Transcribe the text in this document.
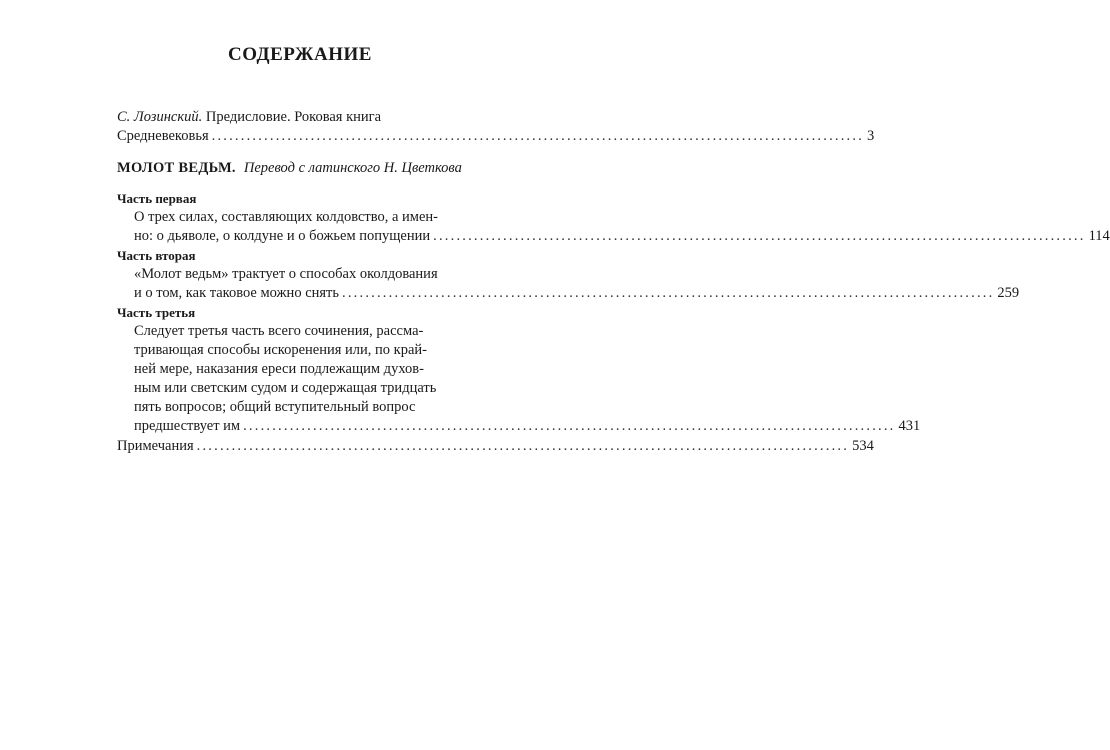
СОДЕРЖАНИЕ
С. Лозинский. Предисловие. Роковая книга
Средневековья ................................................................................................................ 3
МОЛОТ ВЕДЬМ. Перевод с латинского Н. Цветкова
Часть первая
О трех силах, составляющих колдовство, а имен-
но: о дьяволе, о колдуне и о божьем попущении ................................................................................................................ 114
Часть вторая
«Молот ведьм» трактует о способах околдования
и о том, как таковое можно снять ................................................................................................................ 259
Часть третья
Следует третья часть всего сочинения, рассма-
тривающая способы искоренения или, по край-
ней мере, наказания ереси подлежащим духов-
ным или светским судом и содержащая тридцать
пять вопросов; общий вступительный вопрос
предшествует им ................................................................................................................ 431
Примечания ................................................................................................................ 534
